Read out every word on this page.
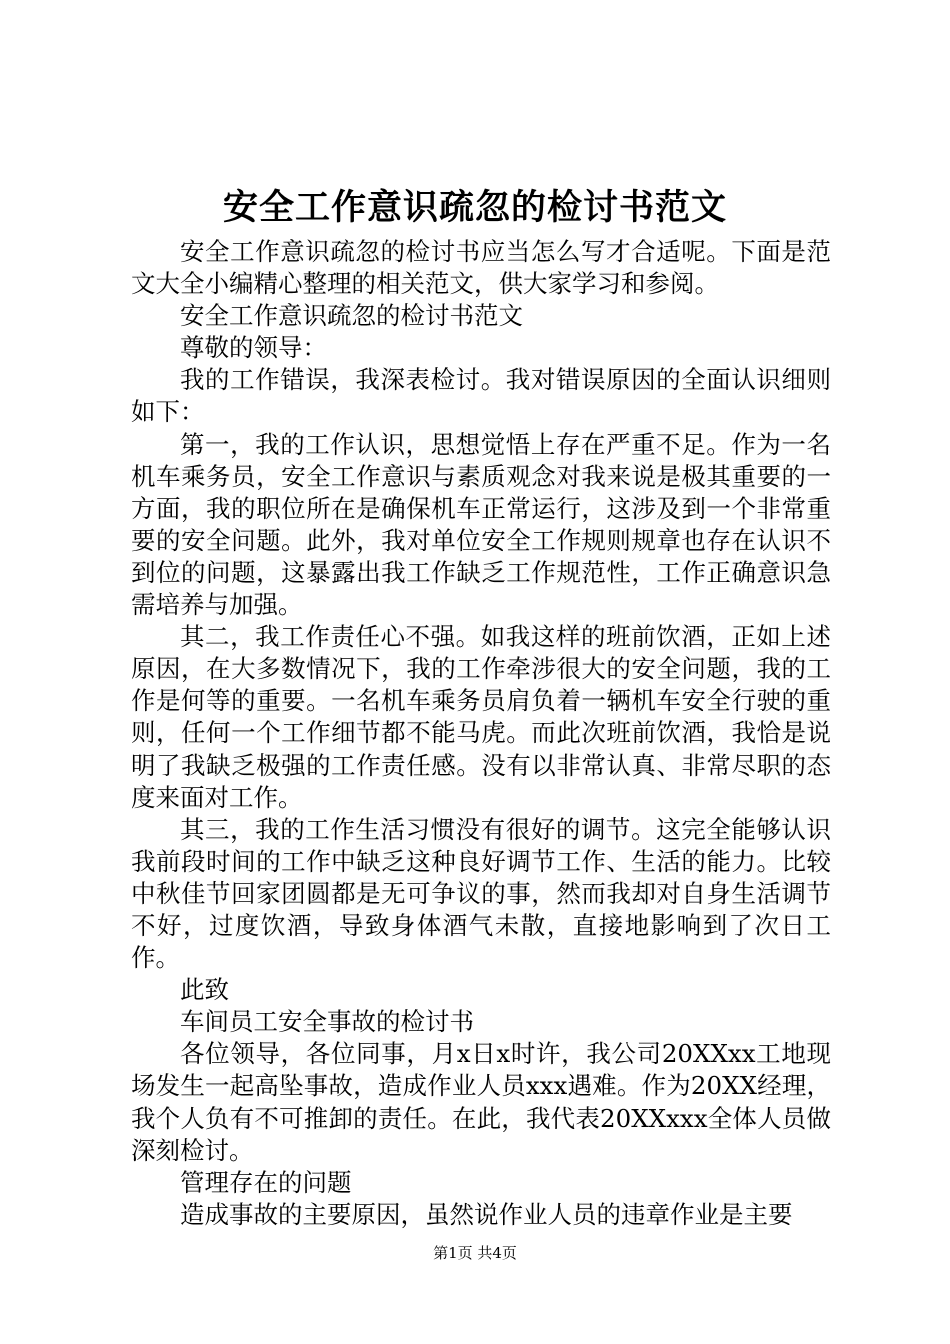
安全工作意识疏忽的检讨书范文

安全工作意识疏忽的检讨书应当怎么写才合适呢。下面是范文大全小编精心整理的相关范文，供大家学习和参阅。

安全工作意识疏忽的检讨书范文

尊敬的领导：

我的工作错误，我深表检讨。我对错误原因的全面认识细则如下：

第一，我的工作认识，思想觉悟上存在严重不足。作为一名机车乘务员，安全工作意识与素质观念对我来说是极其重要的一方面，我的职位所在是确保机车正常运行，这涉及到一个非常重要的安全问题。此外，我对单位安全工作规则规章也存在认识不到位的问题，这暴露出我工作缺乏工作规范性，工作正确意识急需培养与加强。

其二，我工作责任心不强。如我这样的班前饮酒，正如上述原因，在大多数情况下，我的工作牵涉很大的安全问题，我的工作是何等的重要。一名机车乘务员肩负着一辆机车安全行驶的重则，任何一个工作细节都不能马虎。而此次班前饮酒，我恰是说明了我缺乏极强的工作责任感。没有以非常认真、非常尽职的态度来面对工作。

其三，我的工作生活习惯没有很好的调节。这完全能够认识我前段时间的工作中缺乏这种良好调节工作、生活的能力。比较中秋佳节回家团圆都是无可争议的事，然而我却对自身生活调节不好，过度饮酒，导致身体酒气未散，直接地影响到了次日工作。

此致

车间员工安全事故的检讨书

各位领导，各位同事，月x日x时许，我公司20XXxx工地现场发生一起高坠事故，造成作业人员xxx遇难。作为20XX经理，我个人负有不可推卸的责任。在此，我代表20XXxxx全体人员做深刻检讨。

管理存在的问题

造成事故的主要原因，虽然说作业人员的违章作业是主要

第1页 共4页
